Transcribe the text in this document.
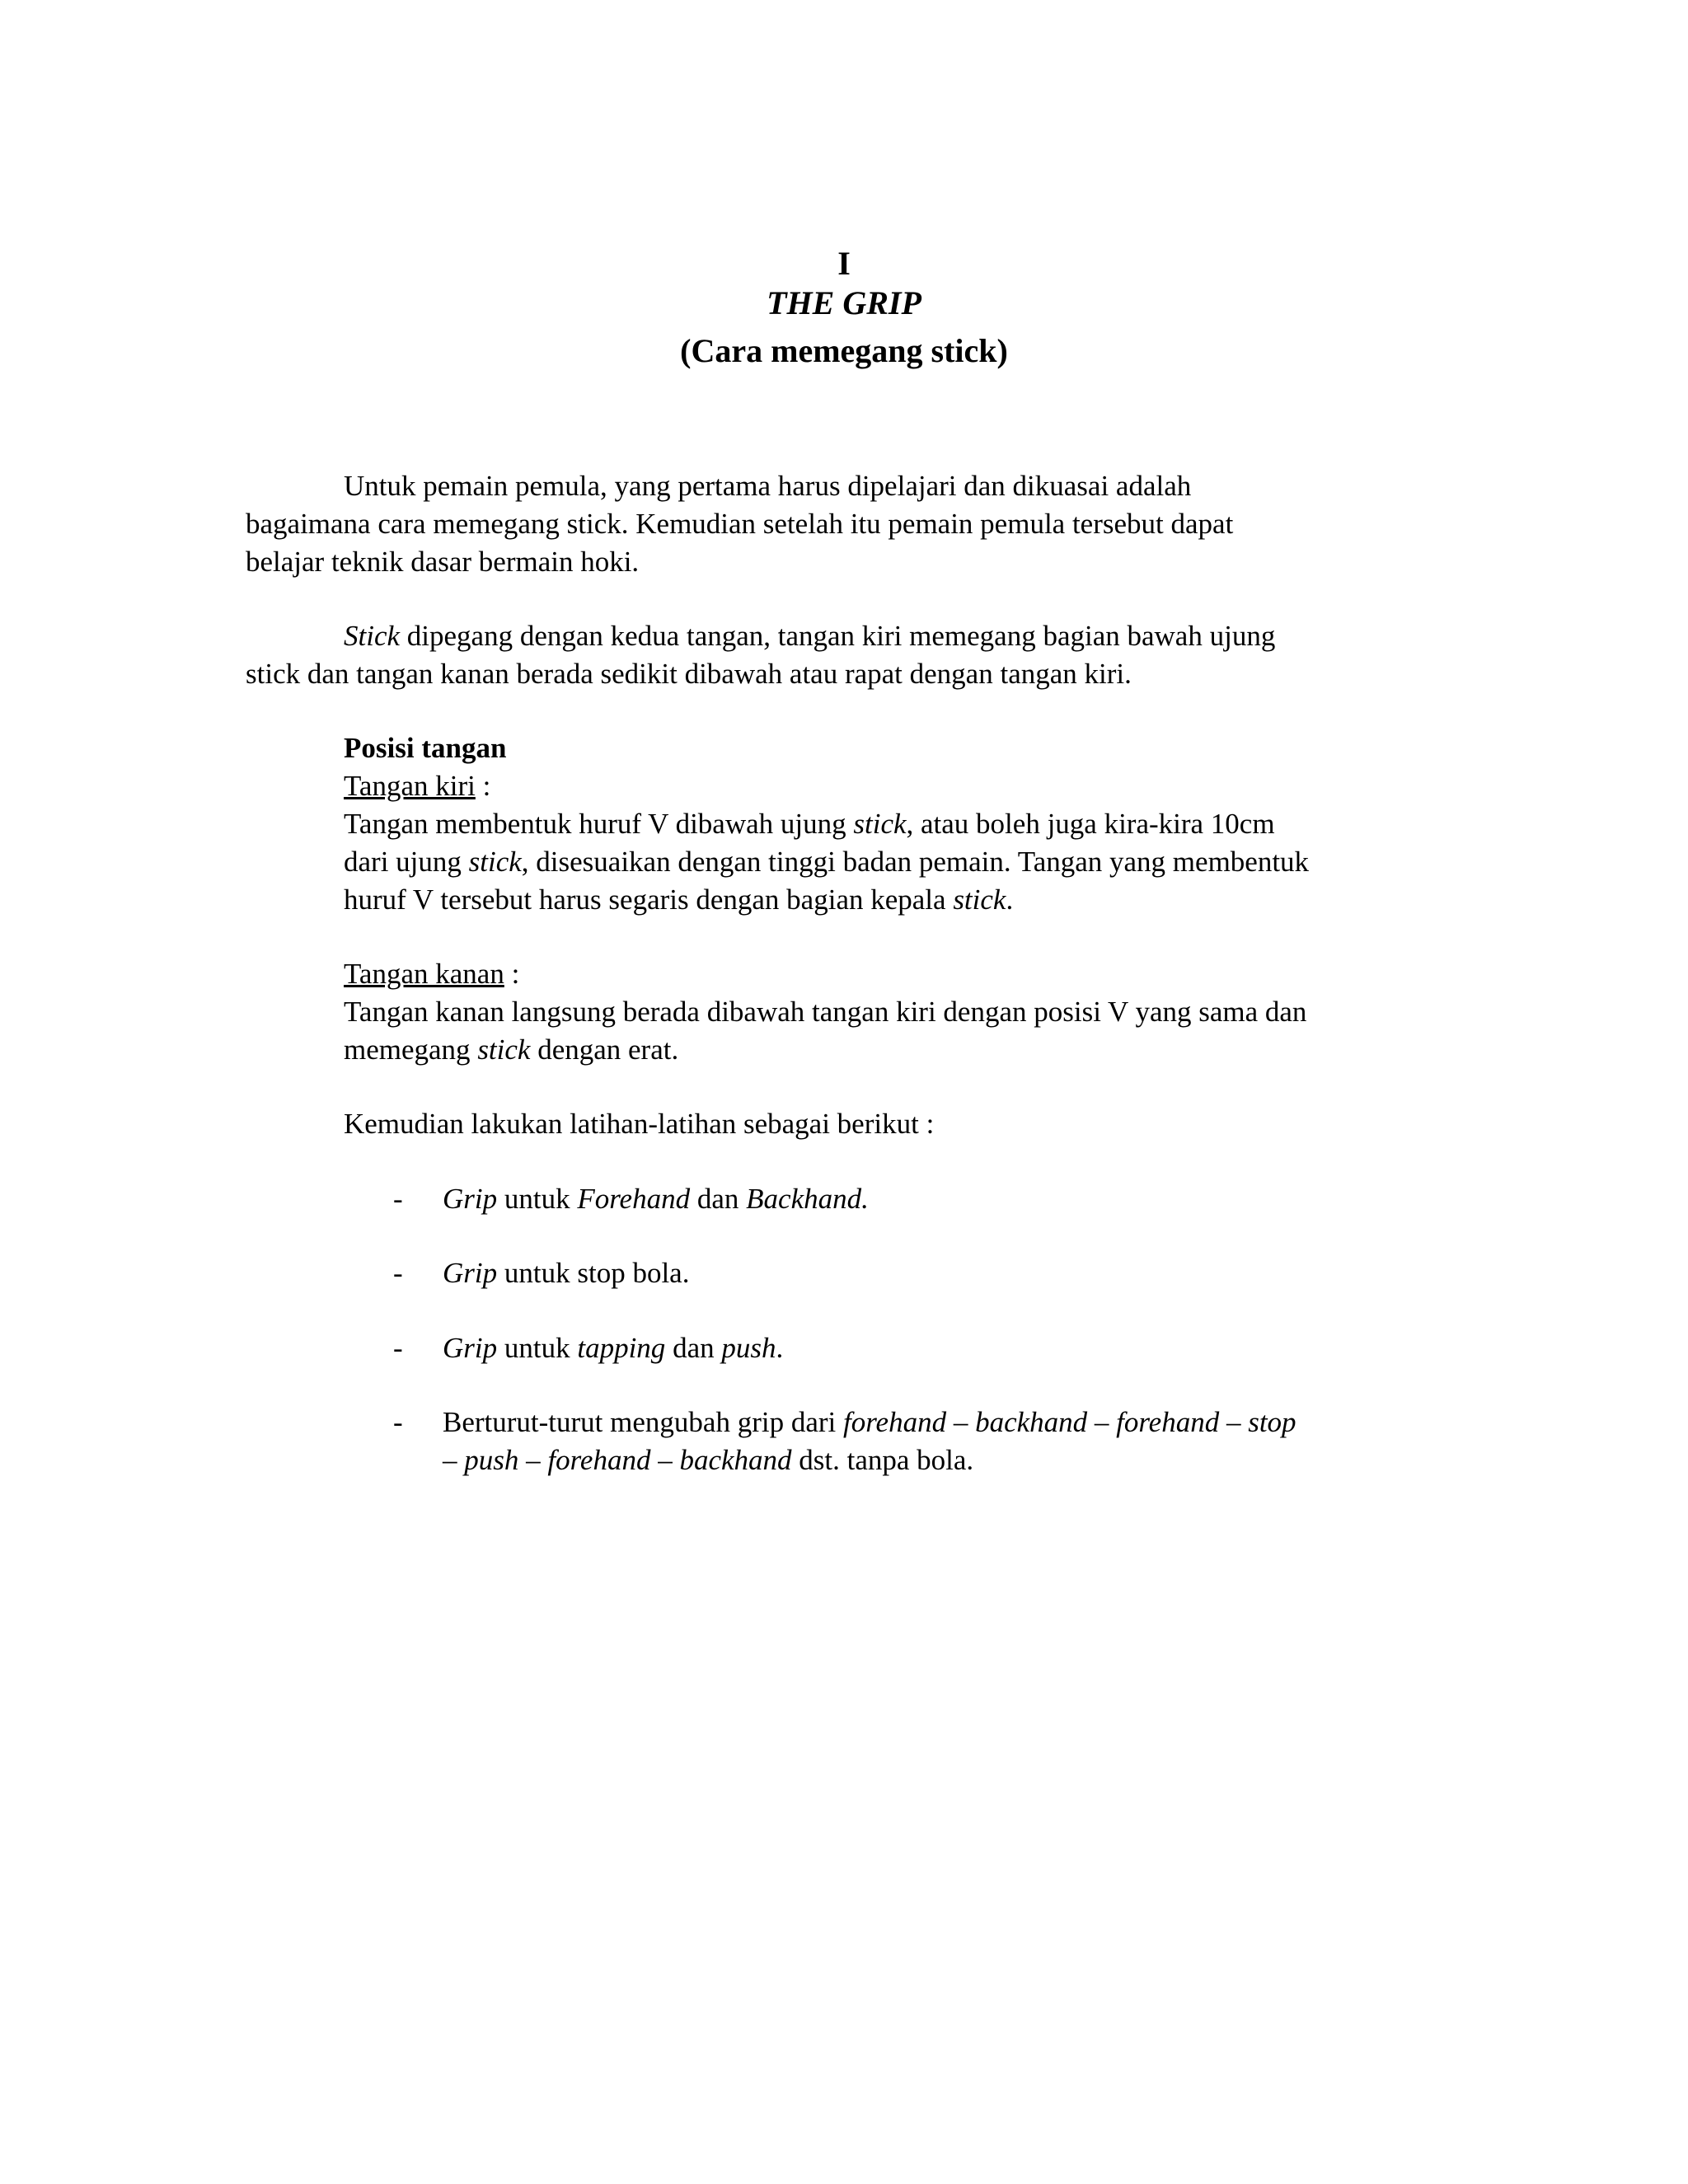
I
THE GRIP
(Cara memegang stick)

Untuk pemain pemula, yang pertama harus dipelajari dan dikuasai adalah

bagaimana cara memegang stick. Kemudian setelah itu pemain pemula tersebut dapat

belajar teknik dasar bermain hoki.

Stick dipegang dengan kedua tangan, tangan kiri memegang bagian bawah ujung

stick dan tangan kanan berada sedikit dibawah atau rapat dengan tangan kiri.

Posisi tangan

Tangan kiri :

Tangan membentuk huruf V dibawah ujung stick, atau boleh juga kira-kira 10cm

dari ujung stick, disesuaikan dengan tinggi badan pemain. Tangan yang membentuk

huruf V tersebut harus segaris dengan bagian kepala stick.

Tangan kanan :

Tangan kanan langsung berada dibawah tangan kiri dengan posisi V yang sama dan

memegang stick dengan erat.

Kemudian lakukan latihan-latihan sebagai berikut :

- Grip untuk Forehand dan Backhand.

- Grip untuk stop bola.

- Grip untuk tapping dan push.

- Berturut-turut mengubah grip dari forehand – backhand – forehand – stop

– push – forehand – backhand dst. tanpa bola.
